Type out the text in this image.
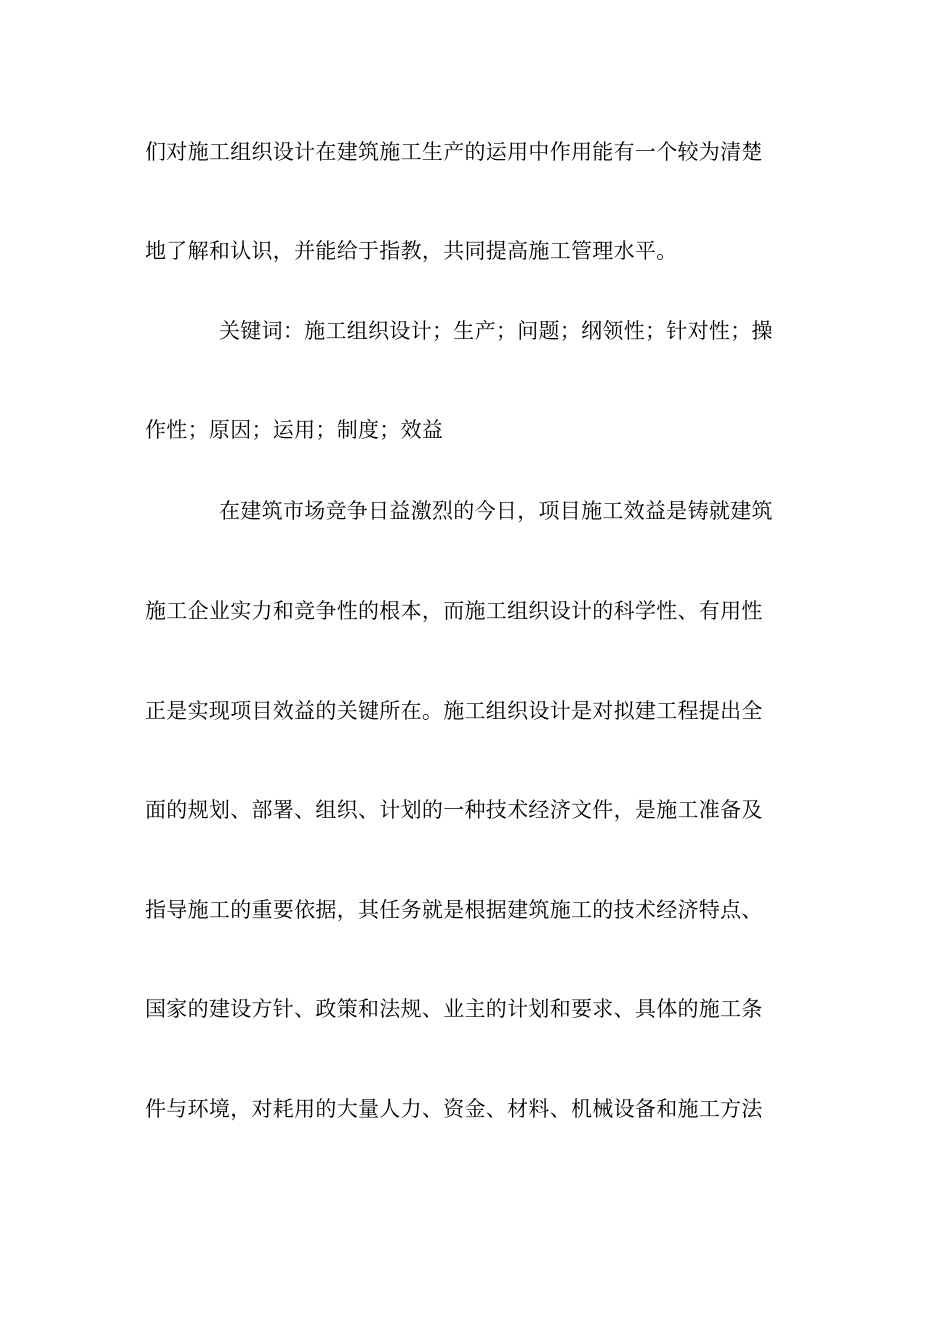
们对施工组织设计在建筑施工生产的运用中作用能有一个较为清楚
地了解和认识，并能给于指教，共同提高施工管理水平。
关键词：施工组织设计；生产；问题；纲领性；针对性；操
作性；原因；运用；制度；效益
在建筑市场竞争日益激烈的今日，项目施工效益是铸就建筑
施工企业实力和竞争性的根本，而施工组织设计的科学性、有用性
正是实现项目效益的关键所在。施工组织设计是对拟建工程提出全
面的规划、部署、组织、计划的一种技术经济文件，是施工准备及
指导施工的重要依据，其任务就是根据建筑施工的技术经济特点、
国家的建设方针、政策和法规、业主的计划和要求、具体的施工条
件与环境，对耗用的大量人力、资金、材料、机械设备和施工方法
